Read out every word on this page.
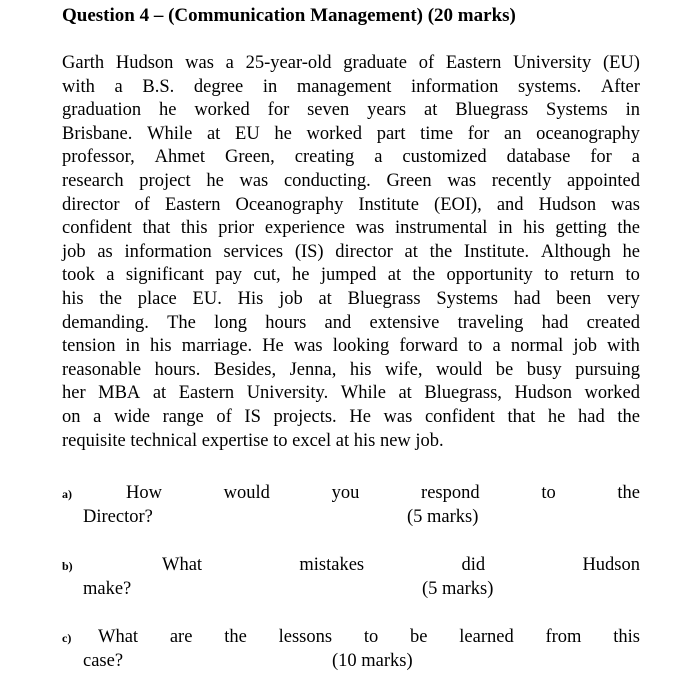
Question 4 – (Communication Management) (20 marks)
Garth Hudson was a 25-year-old graduate of Eastern University (EU)
with a B.S. degree in management information systems. After
graduation he worked for seven years at Bluegrass Systems in
Brisbane. While at EU he worked part time for an oceanography
professor, Ahmet Green, creating a customized database for a
research project he was conducting. Green was recently appointed
director of Eastern Oceanography Institute (EOI), and Hudson was
confident that this prior experience was instrumental in his getting the
job as information services (IS) director at the Institute. Although he
took a significant pay cut, he jumped at the opportunity to return to
his the place EU. His job at Bluegrass Systems had been very
demanding. The long hours and extensive traveling had created
tension in his marriage. He was looking forward to a normal job with
reasonable hours. Besides, Jenna, his wife, would be busy pursuing
her MBA at Eastern University. While at Bluegrass, Hudson worked
on a wide range of IS projects. He was confident that he had the
requisite technical expertise to excel at his new job.
a)	How	would	you	respond	to	the
Director?	(5 marks)
b)	What	mistakes	did	Hudson
make?	(5 marks)
c)	What are the lessons to be learned from this
case?	(10 marks)
